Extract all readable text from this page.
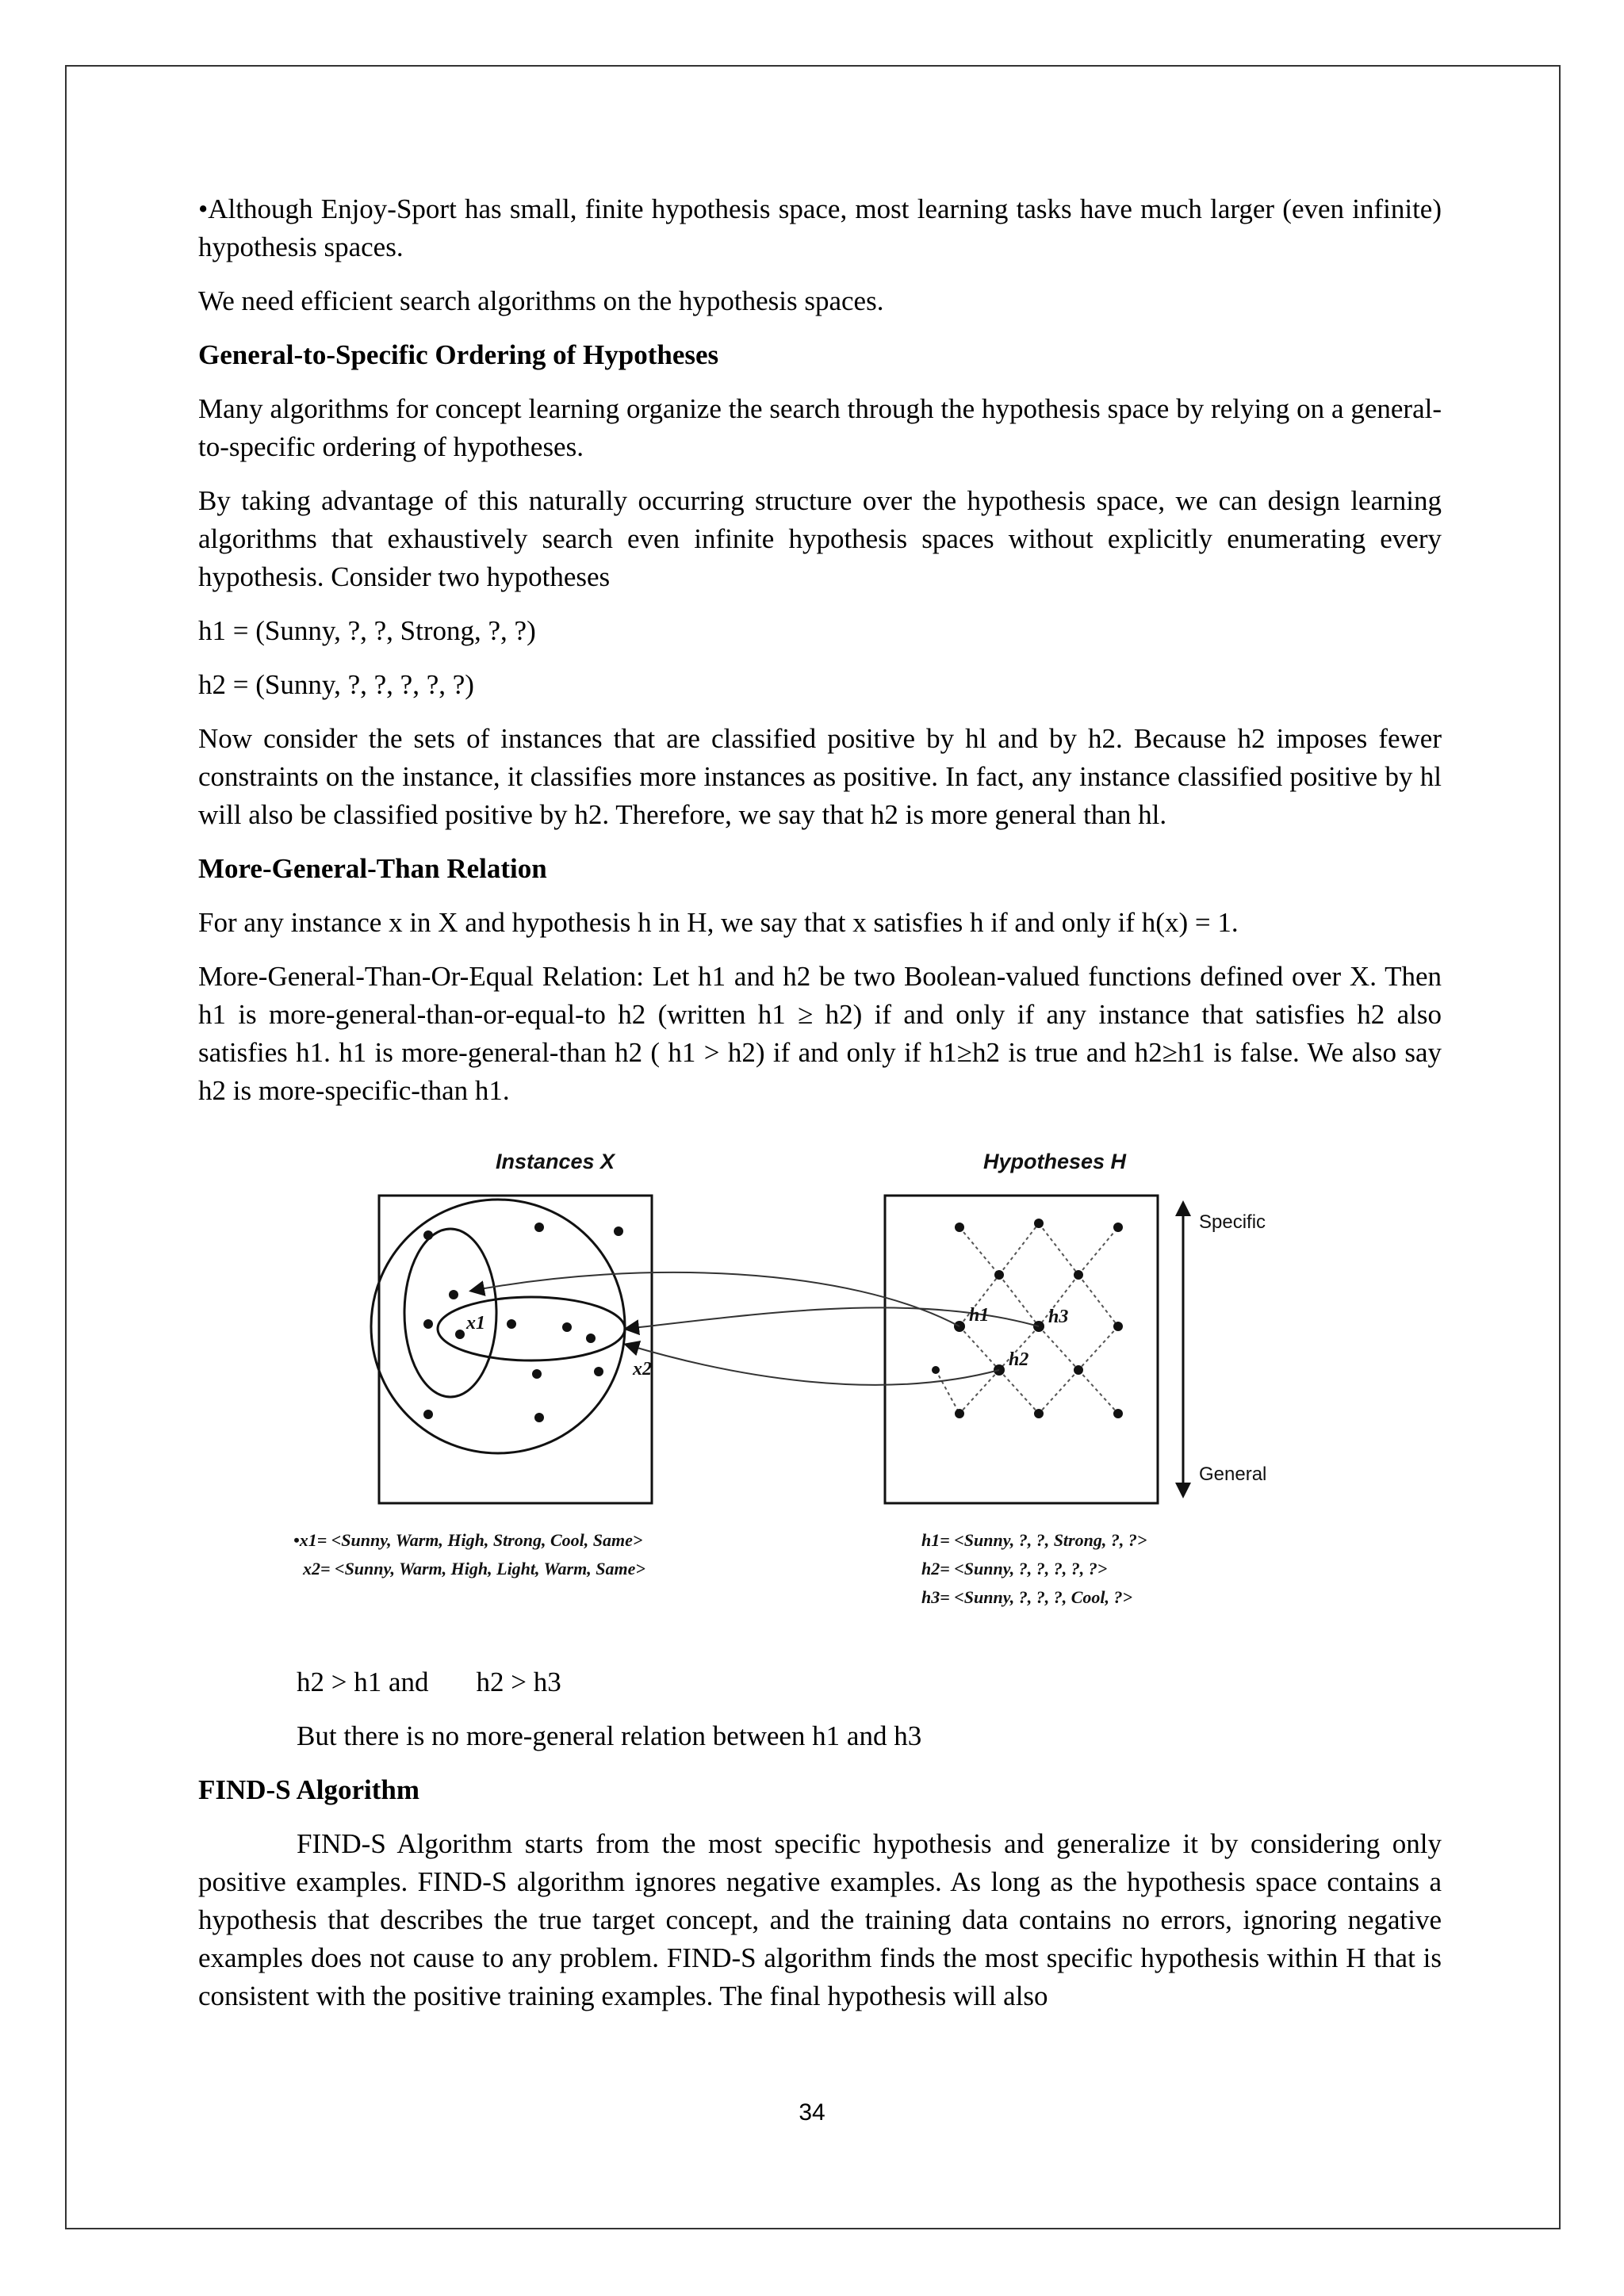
•Although Enjoy-Sport has small, finite hypothesis space, most learning tasks have much larger (even infinite) hypothesis spaces.

We need efficient search algorithms on the hypothesis spaces.

General-to-Specific Ordering of Hypotheses

Many algorithms for concept learning organize the search through the hypothesis space by relying on a general-to-specific ordering of hypotheses.

By taking advantage of this naturally occurring structure over the hypothesis space, we can design learning algorithms that exhaustively search even infinite hypothesis spaces without explicitly enumerating every hypothesis. Consider two hypotheses

h1 = (Sunny, ?, ?, Strong, ?, ?)

h2 = (Sunny, ?, ?, ?, ?, ?)

Now consider the sets of instances that are classified positive by hl and by h2. Because h2 imposes fewer constraints on the instance, it classifies more instances as positive. In fact, any instance classified positive by hl will also be classified positive by h2. Therefore, we say that h2 is more general than hl.

More-General-Than Relation

For any instance x in X and hypothesis h in H, we say that x satisfies h if and only if h(x) = 1.

More-General-Than-Or-Equal Relation: Let h1 and h2 be two Boolean-valued functions defined over X. Then h1 is more-general-than-or-equal-to h2 (written h1 ≥ h2) if and only if any instance that satisfies h2 also satisfies h1. h1 is more-general-than h2 ( h1 > h2) if and only if h1≥h2 is true and h2≥h1 is false. We also say h2 is more-specific-than h1.

Instances X	Hypotheses H
Specific
General
x1
x2
h1
h2
h3
•x1= <Sunny, Warm, High, Strong, Cool, Same>
x2= <Sunny, Warm, High, Light, Warm, Same>
h1= <Sunny, ?, ?, Strong, ?, ?>
h2= <Sunny, ?, ?, ?, ?, ?>
h3= <Sunny, ?, ?, ?, Cool, ?>

h2 > h1 and h2 > h3

But there is no more-general relation between h1 and h3

FIND-S Algorithm

FIND-S Algorithm starts from the most specific hypothesis and generalize it by considering only positive examples. FIND-S algorithm ignores negative examples. As long as the hypothesis space contains a hypothesis that describes the true target concept, and the training data contains no errors, ignoring negative examples does not cause to any problem. FIND-S algorithm finds the most specific hypothesis within H that is consistent with the positive training examples. The final hypothesis will also

34
